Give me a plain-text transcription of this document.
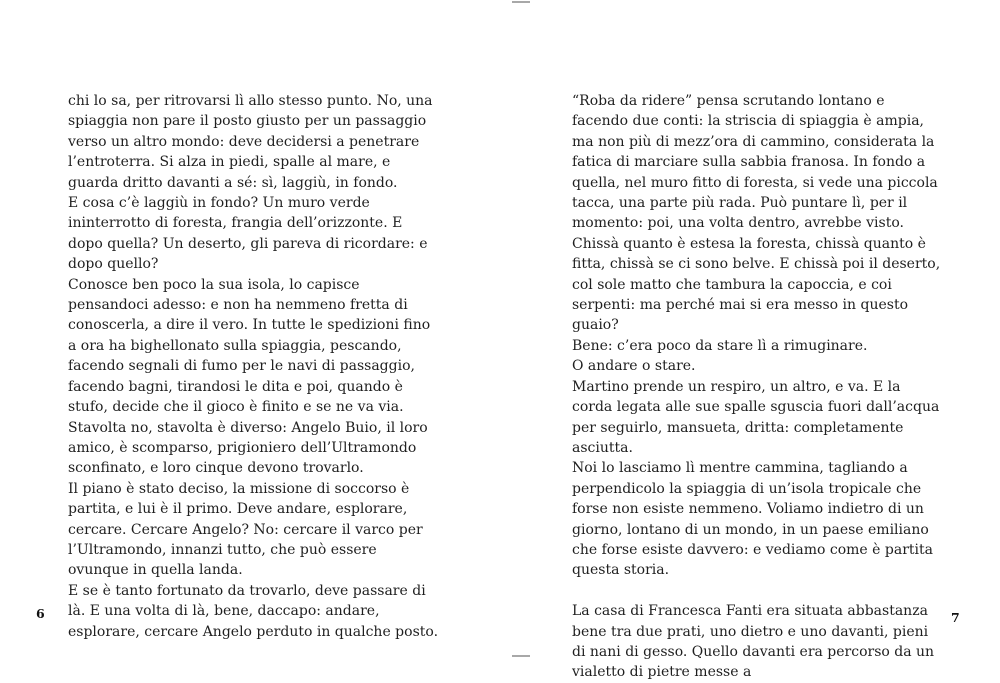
chi lo sa, per ritrovarsi lì allo stesso punto. No, una spiaggia non pare il posto giusto per un passaggio verso un altro mondo: deve decidersi a penetrare l’entroterra. Si alza in piedi, spalle al mare, e guarda dritto davanti a sé: sì, laggiù, in fondo.

E cosa c’è laggiù in fondo? Un muro verde ininterrotto di foresta, frangia dell’orizzonte. E dopo quella? Un deserto, gli pareva di ricordare: e dopo quello?

Conosce ben poco la sua isola, lo capisce pensandoci adesso: e non ha nemmeno fretta di conoscerla, a dire il vero. In tutte le spedizioni fino a ora ha bighellonato sulla spiaggia, pescando, facendo segnali di fumo per le navi di passaggio, facendo bagni, tirandosi le dita e poi, quando è stufo, decide che il gioco è finito e se ne va via. Stavolta no, stavolta è diverso: Angelo Buio, il loro amico, è scomparso, prigioniero dell’Ultramondo sconfinato, e loro cinque devono trovarlo.

Il piano è stato deciso, la missione di soccorso è partita, e lui è il primo. Deve andare, esplorare, cercare. Cercare Angelo? No: cercare il varco per l’Ultramondo, innanzi tutto, che può essere ovunque in quella landa.

E se è tanto fortunato da trovarlo, deve passare di là. E una volta di là, bene, daccapo: andare, esplorare, cercare Angelo perduto in qualche posto.

“Roba da ridere” pensa scrutando lontano e facendo due conti: la striscia di spiaggia è ampia, ma non più di mezz’ora di cammino, considerata la fatica di marciare sulla sabbia franosa. In fondo a quella, nel muro fitto di foresta, si vede una piccola tacca, una parte più rada. Può puntare lì, per il momento: poi, una volta dentro, avrebbe visto. Chissà quanto è estesa la foresta, chissà quanto è fitta, chissà se ci sono belve. E chissà poi il deserto, col sole matto che tambura la capoccia, e coi serpenti: ma perché mai si era messo in questo guaio?

Bene: c’era poco da stare lì a rimuginare.

O andare o stare.

Martino prende un respiro, un altro, e va. E la corda legata alle sue spalle sguscia fuori dall’acqua per seguirlo, mansueta, dritta: completamente asciutta.

Noi lo lasciamo lì mentre cammina, tagliando a perpendicolo la spiaggia di un’isola tropicale che forse non esiste nemmeno. Voliamo indietro di un giorno, lontano di un mondo, in un paese emiliano che forse esiste davvero: e vediamo come è partita questa storia.

La casa di Francesca Fanti era situata abbastanza bene tra due prati, uno dietro e uno davanti, pieni di nani di gesso. Quello davanti era percorso da un vialetto di pietre messe a

6	7
